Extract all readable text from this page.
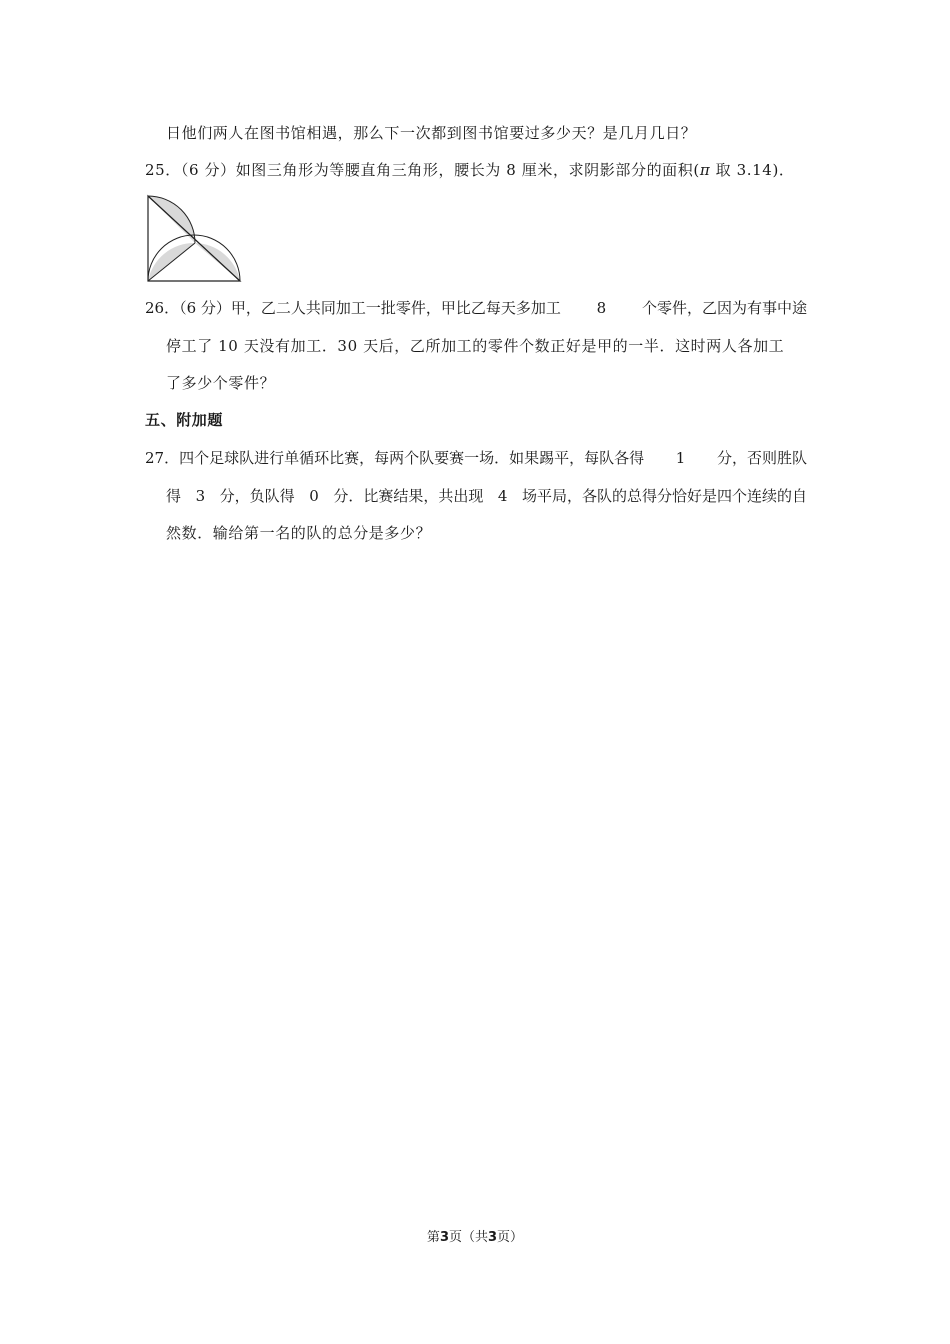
日他们两人在图书馆相遇，那么下一次都到图书馆要过多少天？是几月几日？
25．（6 分）如图三角形为等腰直角三角形，腰长为 8 厘米，求阴影部分的面积(π 取 3.14)．
26．（6 分）甲，乙二人共同加工一批零件，甲比乙每天多加工 8 个零件，乙因为有事中途
停工了 10 天没有加工．30 天后，乙所加工的零件个数正好是甲的一半．这时两人各加工
了多少个零件？
五、附加题
27．四个足球队进行单循环比赛，每两个队要赛一场．如果踢平，每队各得 1 分，否则胜队
得 3 分，负队得 0 分．比赛结果，共出现 4 场平局，各队的总得分恰好是四个连续的自
然数．输给第一名的队的总分是多少？
第3页（共3页）
